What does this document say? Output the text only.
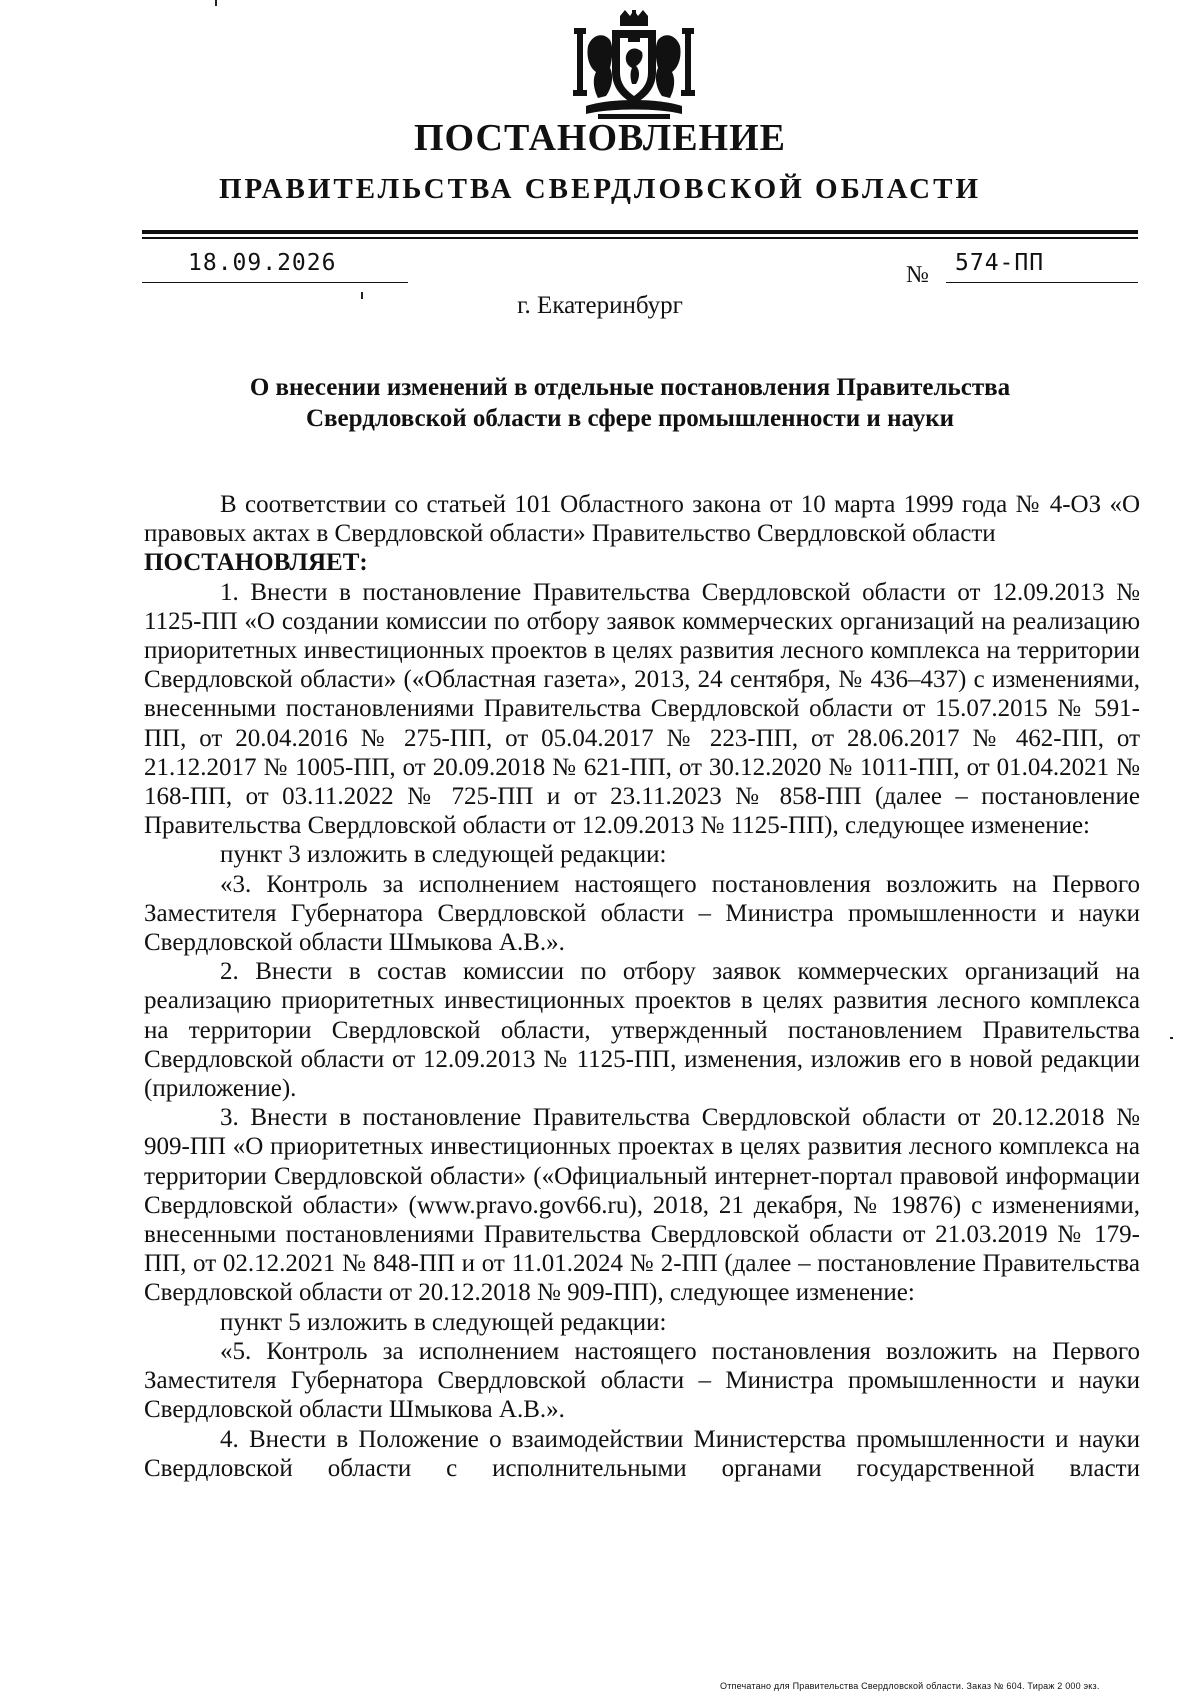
ПОСТАНОВЛЕНИЕ
ПРАВИТЕЛЬСТВА СВЕРДЛОВСКОЙ ОБЛАСТИ
18.09.2026	№ 574-ПП
г. Екатеринбург
О внесении изменений в отдельные постановления Правительства Свердловской области в сфере промышленности и науки

В соответствии со статьей 101 Областного закона от 10 марта 1999 года № 4-ОЗ «О правовых актах в Свердловской области» Правительство Свердловской области

ПОСТАНОВЛЯЕТ:

1. Внести в постановление Правительства Свердловской области от 12.09.2013 № 1125-ПП «О создании комиссии по отбору заявок коммерческих организаций на реализацию приоритетных инвестиционных проектов в целях развития лесного комплекса на территории Свердловской области» («Областная газета», 2013, 24 сентября, № 436–437) с изменениями, внесенными постановлениями Правительства Свердловской области от 15.07.2015 № 591-ПП, от 20.04.2016 № 275-ПП, от 05.04.2017 № 223-ПП, от 28.06.2017 № 462-ПП, от 21.12.2017 № 1005-ПП, от 20.09.2018 № 621-ПП, от 30.12.2020 № 1011-ПП, от 01.04.2021 № 168-ПП, от 03.11.2022 № 725-ПП и от 23.11.2023 № 858-ПП (далее – постановление Правительства Свердловской области от 12.09.2013 № 1125-ПП), следующее изменение:

пункт 3 изложить в следующей редакции:

«3. Контроль за исполнением настоящего постановления возложить на Первого Заместителя Губернатора Свердловской области – Министра промышленности и науки Свердловской области Шмыкова А.В.».

2. Внести в состав комиссии по отбору заявок коммерческих организаций на реализацию приоритетных инвестиционных проектов в целях развития лесного комплекса на территории Свердловской области, утвержденный постановлением Правительства Свердловской области от 12.09.2013 № 1125-ПП, изменения, изложив его в новой редакции (приложение).

3. Внести в постановление Правительства Свердловской области от 20.12.2018 № 909-ПП «О приоритетных инвестиционных проектах в целях развития лесного комплекса на территории Свердловской области» («Официальный интернет-портал правовой информации Свердловской области» (www.pravo.gov66.ru), 2018, 21 декабря, № 19876) с изменениями, внесенными постановлениями Правительства Свердловской области от 21.03.2019 № 179-ПП, от 02.12.2021 № 848-ПП и от 11.01.2024 № 2-ПП (далее – постановление Правительства Свердловской области от 20.12.2018 № 909-ПП), следующее изменение:

пункт 5 изложить в следующей редакции:

«5. Контроль за исполнением настоящего постановления возложить на Первого Заместителя Губернатора Свердловской области – Министра промышленности и науки Свердловской области Шмыкова А.В.».

4. Внести в Положение о взаимодействии Министерства промышленности и науки Свердловской области с исполнительными органами государственной власти

Отпечатано для Правительства Свердловской области. Заказ № 604. Тираж 2 000 экз.
